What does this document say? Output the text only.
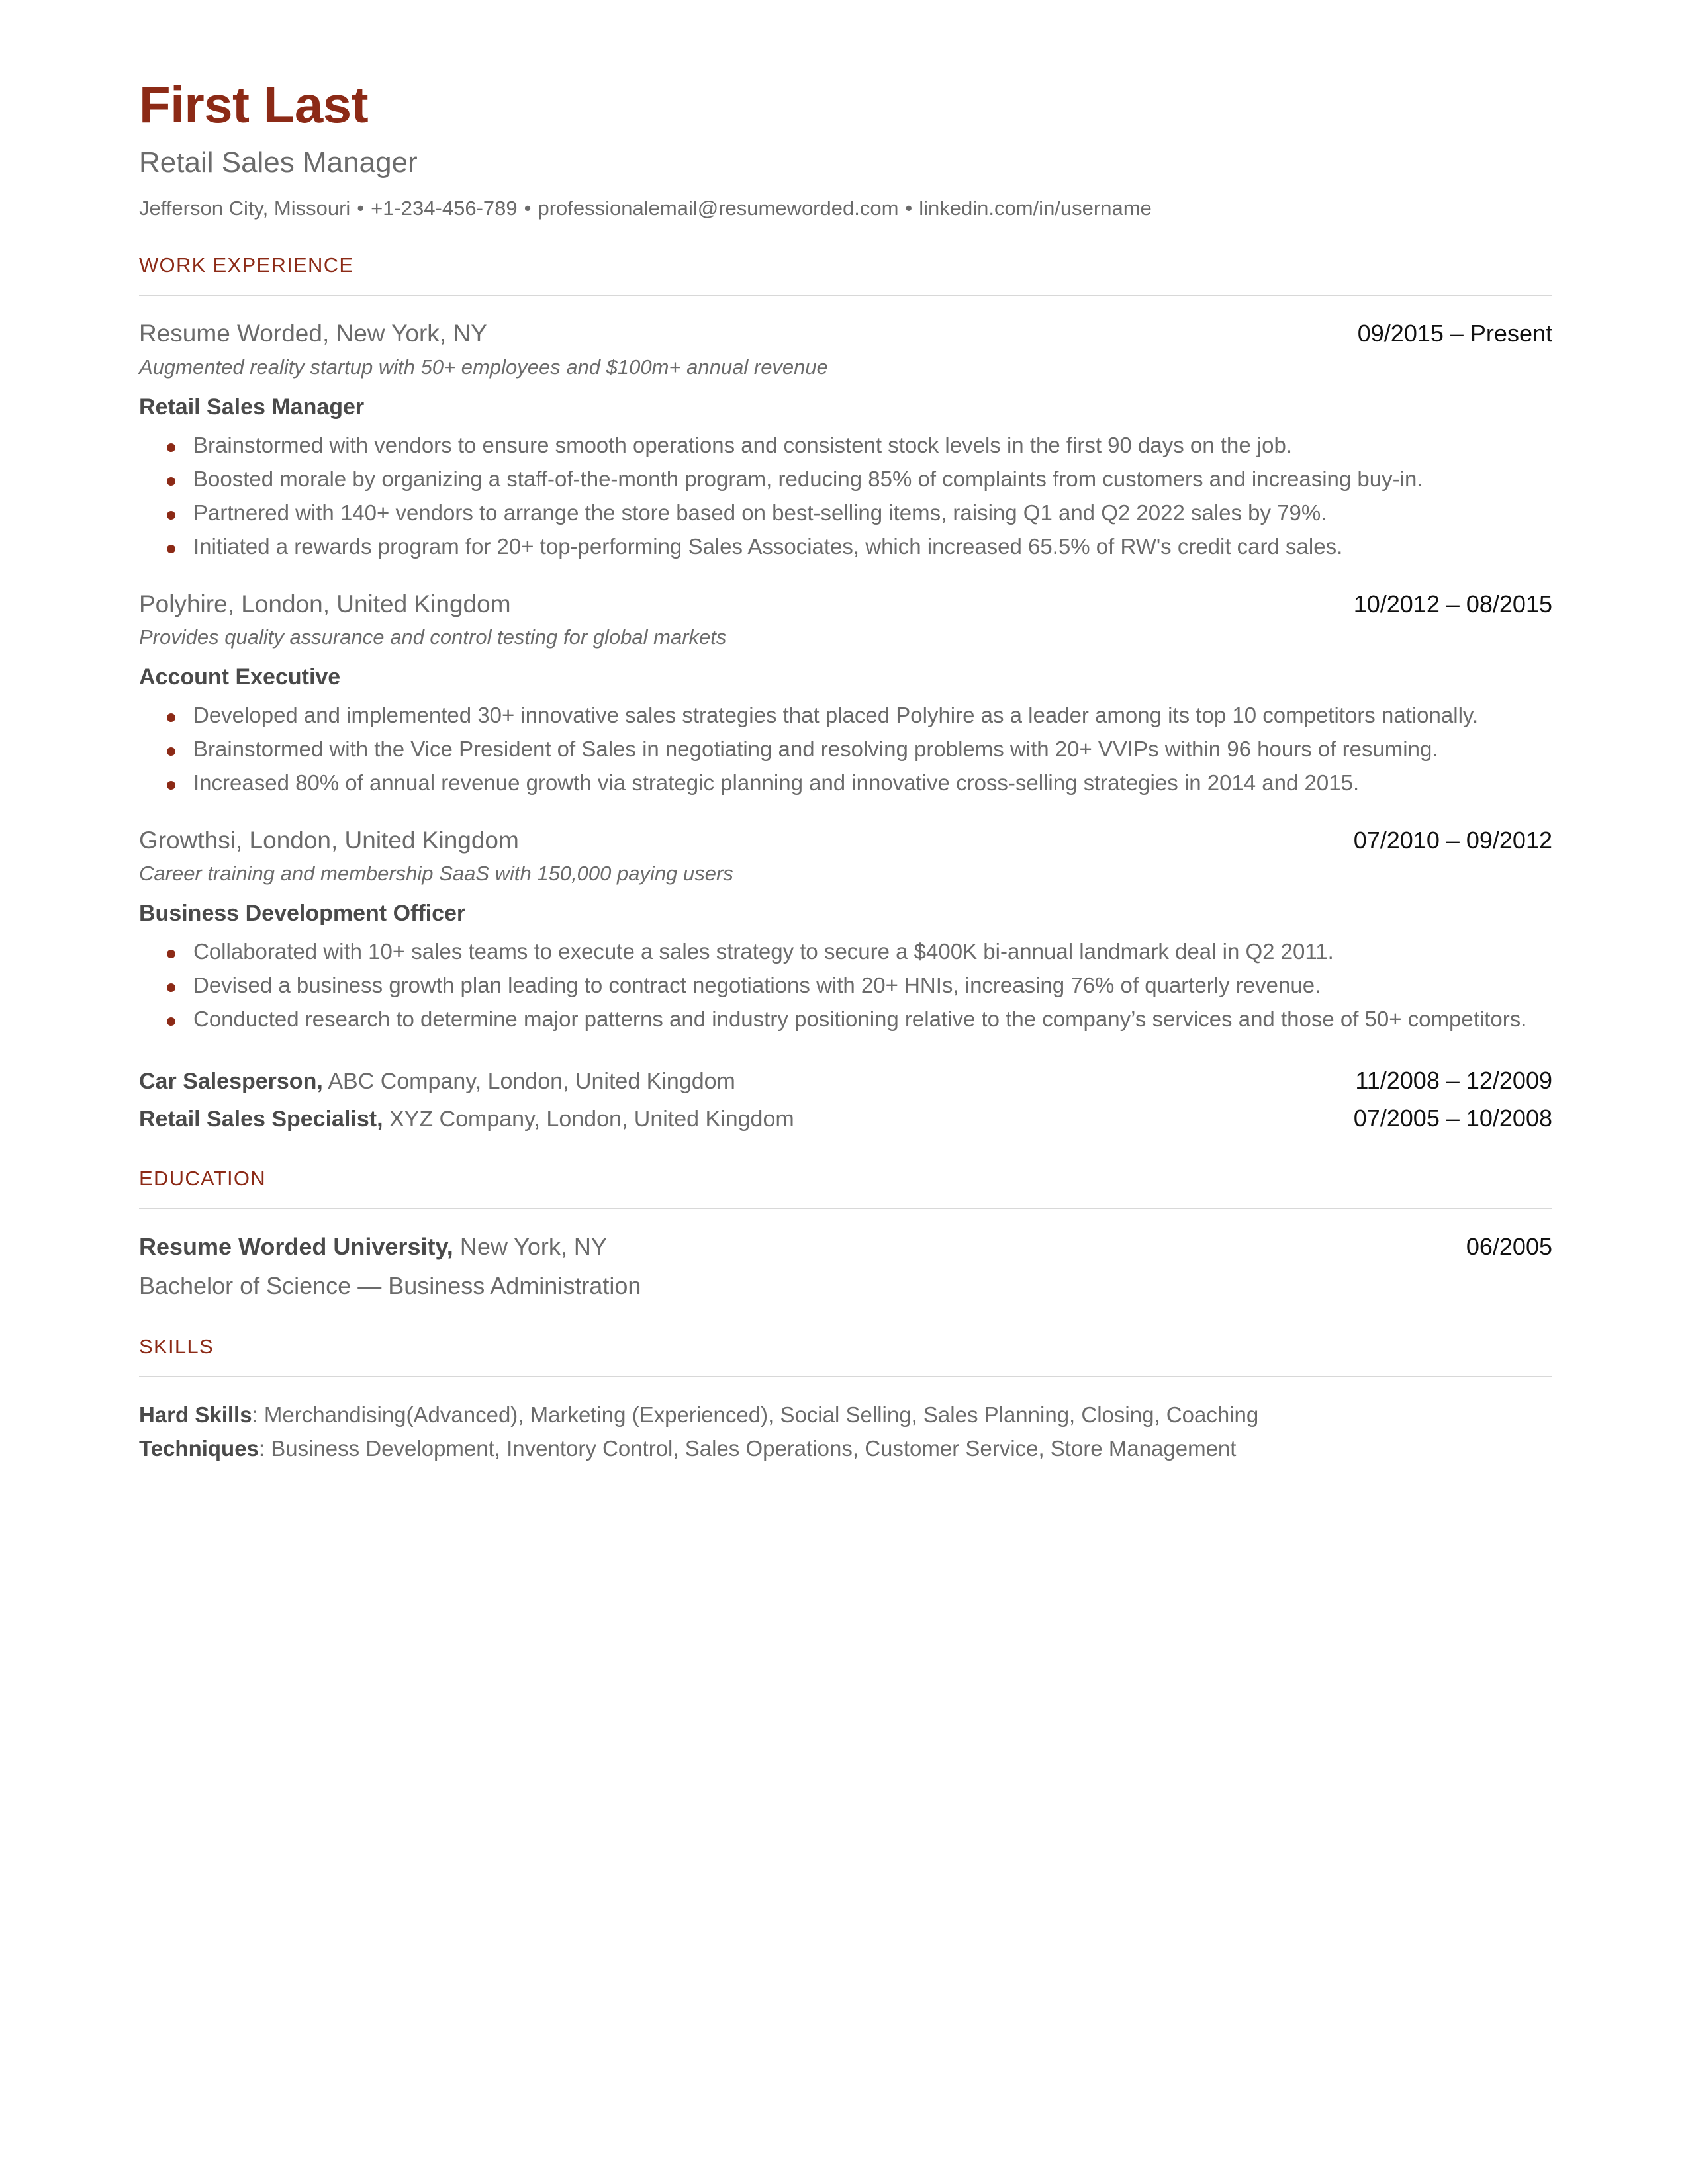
First Last
Retail Sales Manager
Jefferson City, Missouri • +1-234-456-789 • professionalemail@resumeworded.com • linkedin.com/in/username
WORK EXPERIENCE
Resume Worded, New York, NY	09/2015 – Present
Augmented reality startup with 50+ employees and $100m+ annual revenue
Retail Sales Manager
Brainstormed with vendors to ensure smooth operations and consistent stock levels in the first 90 days on the job.
Boosted morale by organizing a staff-of-the-month program, reducing 85% of complaints from customers and increasing buy-in.
Partnered with 140+ vendors to arrange the store based on best-selling items, raising Q1 and Q2 2022 sales by 79%.
Initiated a rewards program for 20+ top-performing Sales Associates, which increased 65.5% of RW's credit card sales.
Polyhire, London, United Kingdom	10/2012 – 08/2015
Provides quality assurance and control testing for global markets
Account Executive
Developed and implemented 30+ innovative sales strategies that placed Polyhire as a leader among its top 10 competitors nationally.
Brainstormed with the Vice President of Sales in negotiating and resolving problems with 20+ VVIPs within 96 hours of resuming.
Increased 80% of annual revenue growth via strategic planning and innovative cross-selling strategies in 2014 and 2015.
Growthsi, London, United Kingdom	07/2010 – 09/2012
Career training and membership SaaS with 150,000 paying users
Business Development Officer
Collaborated with 10+ sales teams to execute a sales strategy to secure a $400K bi-annual landmark deal in Q2 2011.
Devised a business growth plan leading to contract negotiations with 20+ HNIs, increasing 76% of quarterly revenue.
Conducted research to determine major patterns and industry positioning relative to the company’s services and those of 50+ competitors.
Car Salesperson, ABC Company, London, United Kingdom	11/2008 – 12/2009
Retail Sales Specialist, XYZ Company, London, United Kingdom	07/2005 – 10/2008
EDUCATION
Resume Worded University, New York, NY	06/2005
Bachelor of Science — Business Administration
SKILLS
Hard Skills: Merchandising(Advanced), Marketing (Experienced), Social Selling, Sales Planning, Closing, Coaching
Techniques: Business Development, Inventory Control, Sales Operations, Customer Service, Store Management
